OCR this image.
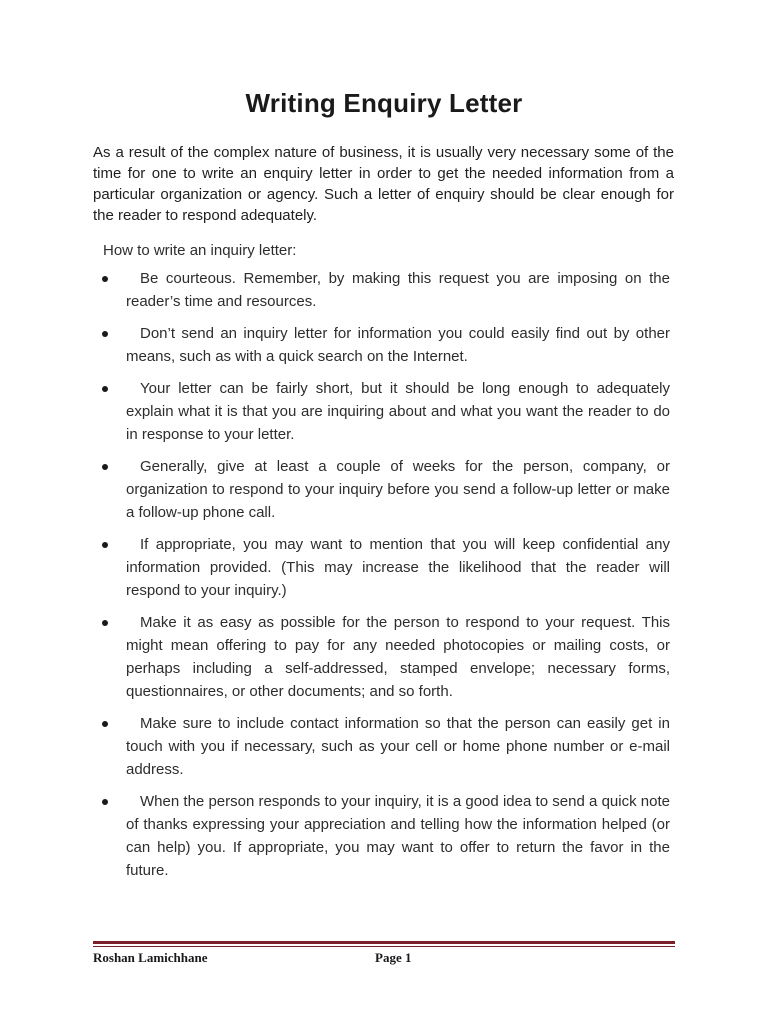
Writing Enquiry Letter
As a result of the complex nature of business, it is usually very necessary some of the time for one to write an enquiry letter in order to get the needed information from a particular organization or agency. Such a letter of enquiry should be clear enough for the reader to respond adequately.
How to write an inquiry letter:
Be courteous. Remember, by making this request you are imposing on the reader’s time and resources.
Don’t send an inquiry letter for information you could easily find out by other means, such as with a quick search on the Internet.
Your letter can be fairly short, but it should be long enough to adequately explain what it is that you are inquiring about and what you want the reader to do in response to your letter.
Generally, give at least a couple of weeks for the person, company, or organization to respond to your inquiry before you send a follow-up letter or make a follow-up phone call.
If appropriate, you may want to mention that you will keep confidential any information provided. (This may increase the likelihood that the reader will respond to your inquiry.)
Make it as easy as possible for the person to respond to your request. This might mean offering to pay for any needed photocopies or mailing costs, or perhaps including a self-addressed, stamped envelope; necessary forms, questionnaires, or other documents; and so forth.
Make sure to include contact information so that the person can easily get in touch with you if necessary, such as your cell or home phone number or e-mail address.
When the person responds to your inquiry, it is a good idea to send a quick note of thanks expressing your appreciation and telling how the information helped (or can help) you. If appropriate, you may want to offer to return the favor in the future.
Roshan Lamichhane	Page 1
